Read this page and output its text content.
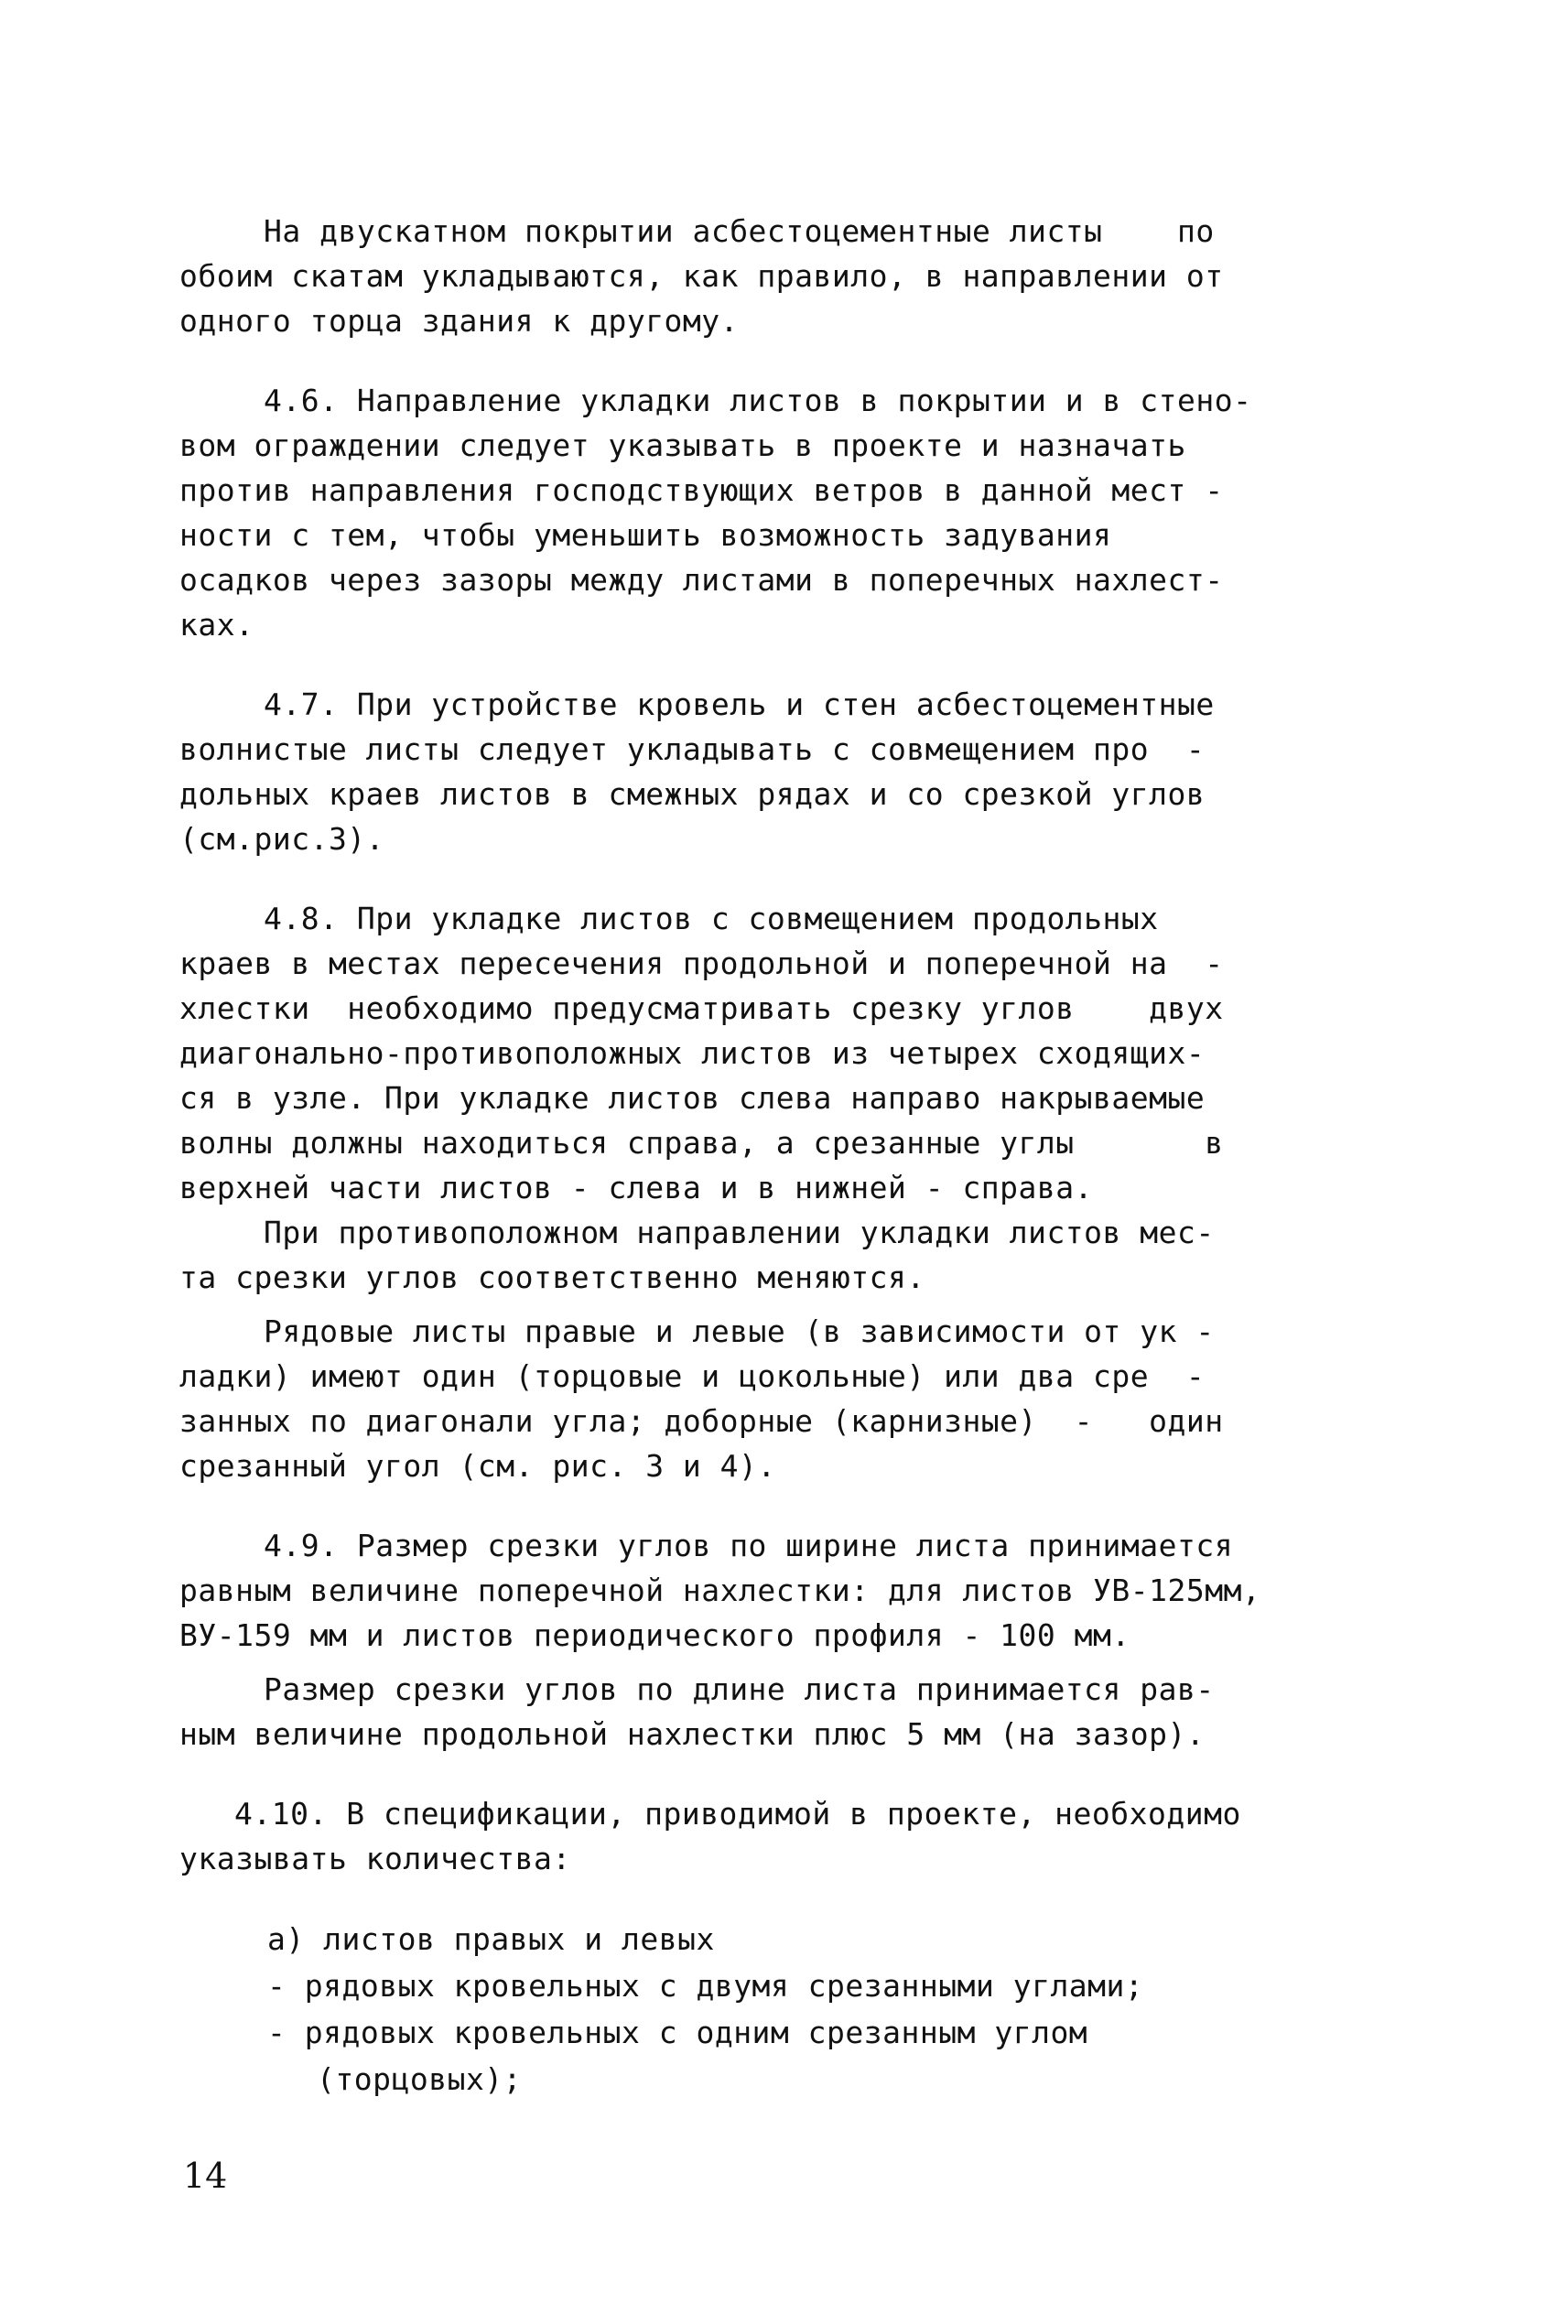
На двускатном покрытии асбестоцементные листы    по
обоим скатам укладываются, как правило, в направлении от
одного торца здания к другому.

4.6. Направление укладки листов в покрытии и в стено-
вом ограждении следует указывать в проекте и назначать
против направления господствующих ветров в данной мест -
ности с тем, чтобы уменьшить возможность задувания
осадков через зазоры между листами в поперечных нахлест-
ках.

4.7. При устройстве кровель и стен асбестоцементные
волнистые листы следует укладывать с совмещением про  -
дольных краев листов в смежных рядах и со срезкой углов
(см.рис.3).

4.8. При укладке листов с совмещением продольных
краев в местах пересечения продольной и поперечной на  -
хлестки  необходимо предусматривать срезку углов    двух
диагонально-противоположных листов из четырех сходящих-
ся в узле. При укладке листов слева направо накрываемые
волны должны находиться справа, а срезанные углы       в
верхней части листов - слева и в нижней - справа.

При противоположном направлении укладки листов мес-
та срезки углов соответственно меняются.

Рядовые листы правые и левые (в зависимости от ук -
ладки) имеют один (торцовые и цокольные) или два сре  -
занных по диагонали угла; доборные (карнизные)  -   один
срезанный угол (см. рис. 3 и 4).

4.9. Размер срезки углов по ширине листа принимается
равным величине поперечной нахлестки: для листов УВ-125мм,
ВУ-159 мм и листов периодического профиля - 100 мм.

Размер срезки углов по длине листа принимается рав-
ным величине продольной нахлестки плюс 5 мм (на зазор).

4.10. В спецификации, приводимой в проекте, необходимо
указывать количества:

а) листов правых и левых
- рядовых кровельных с двумя срезанными углами;
- рядовых кровельных с одним срезанным углом
(торцовых);
14
